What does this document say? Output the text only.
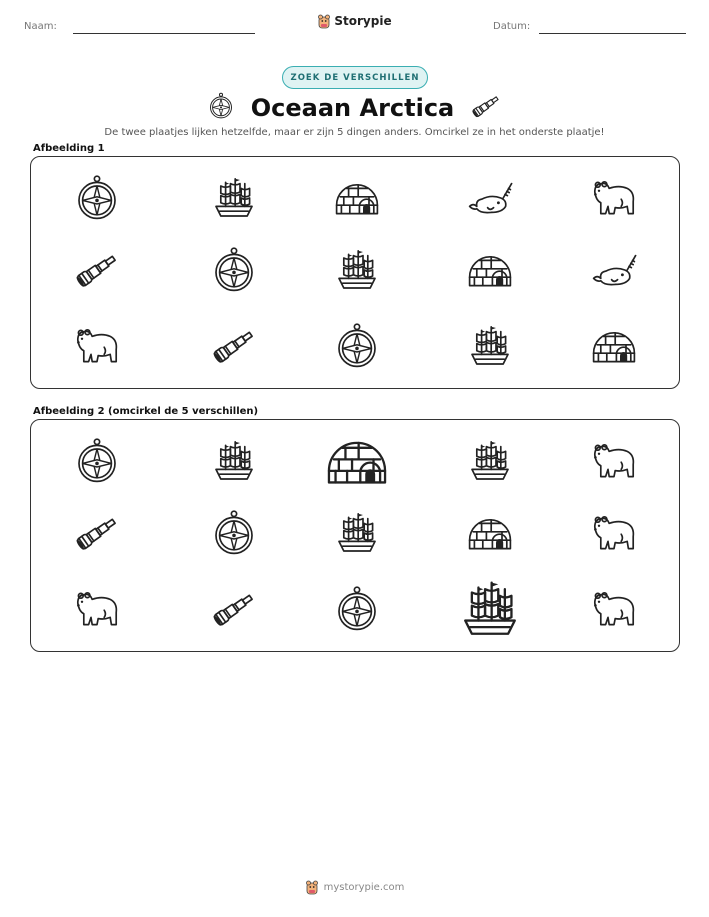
Naam:	Storypie	Datum:
ZOEK DE VERSCHILLEN
Oceaan Arctica
De twee plaatjes lijken hetzelfde, maar er zijn 5 dingen anders. Omcirkel ze in het onderste plaatje!
Afbeelding 1
Afbeelding 2 (omcirkel de 5 verschillen)
mystorypie.com
